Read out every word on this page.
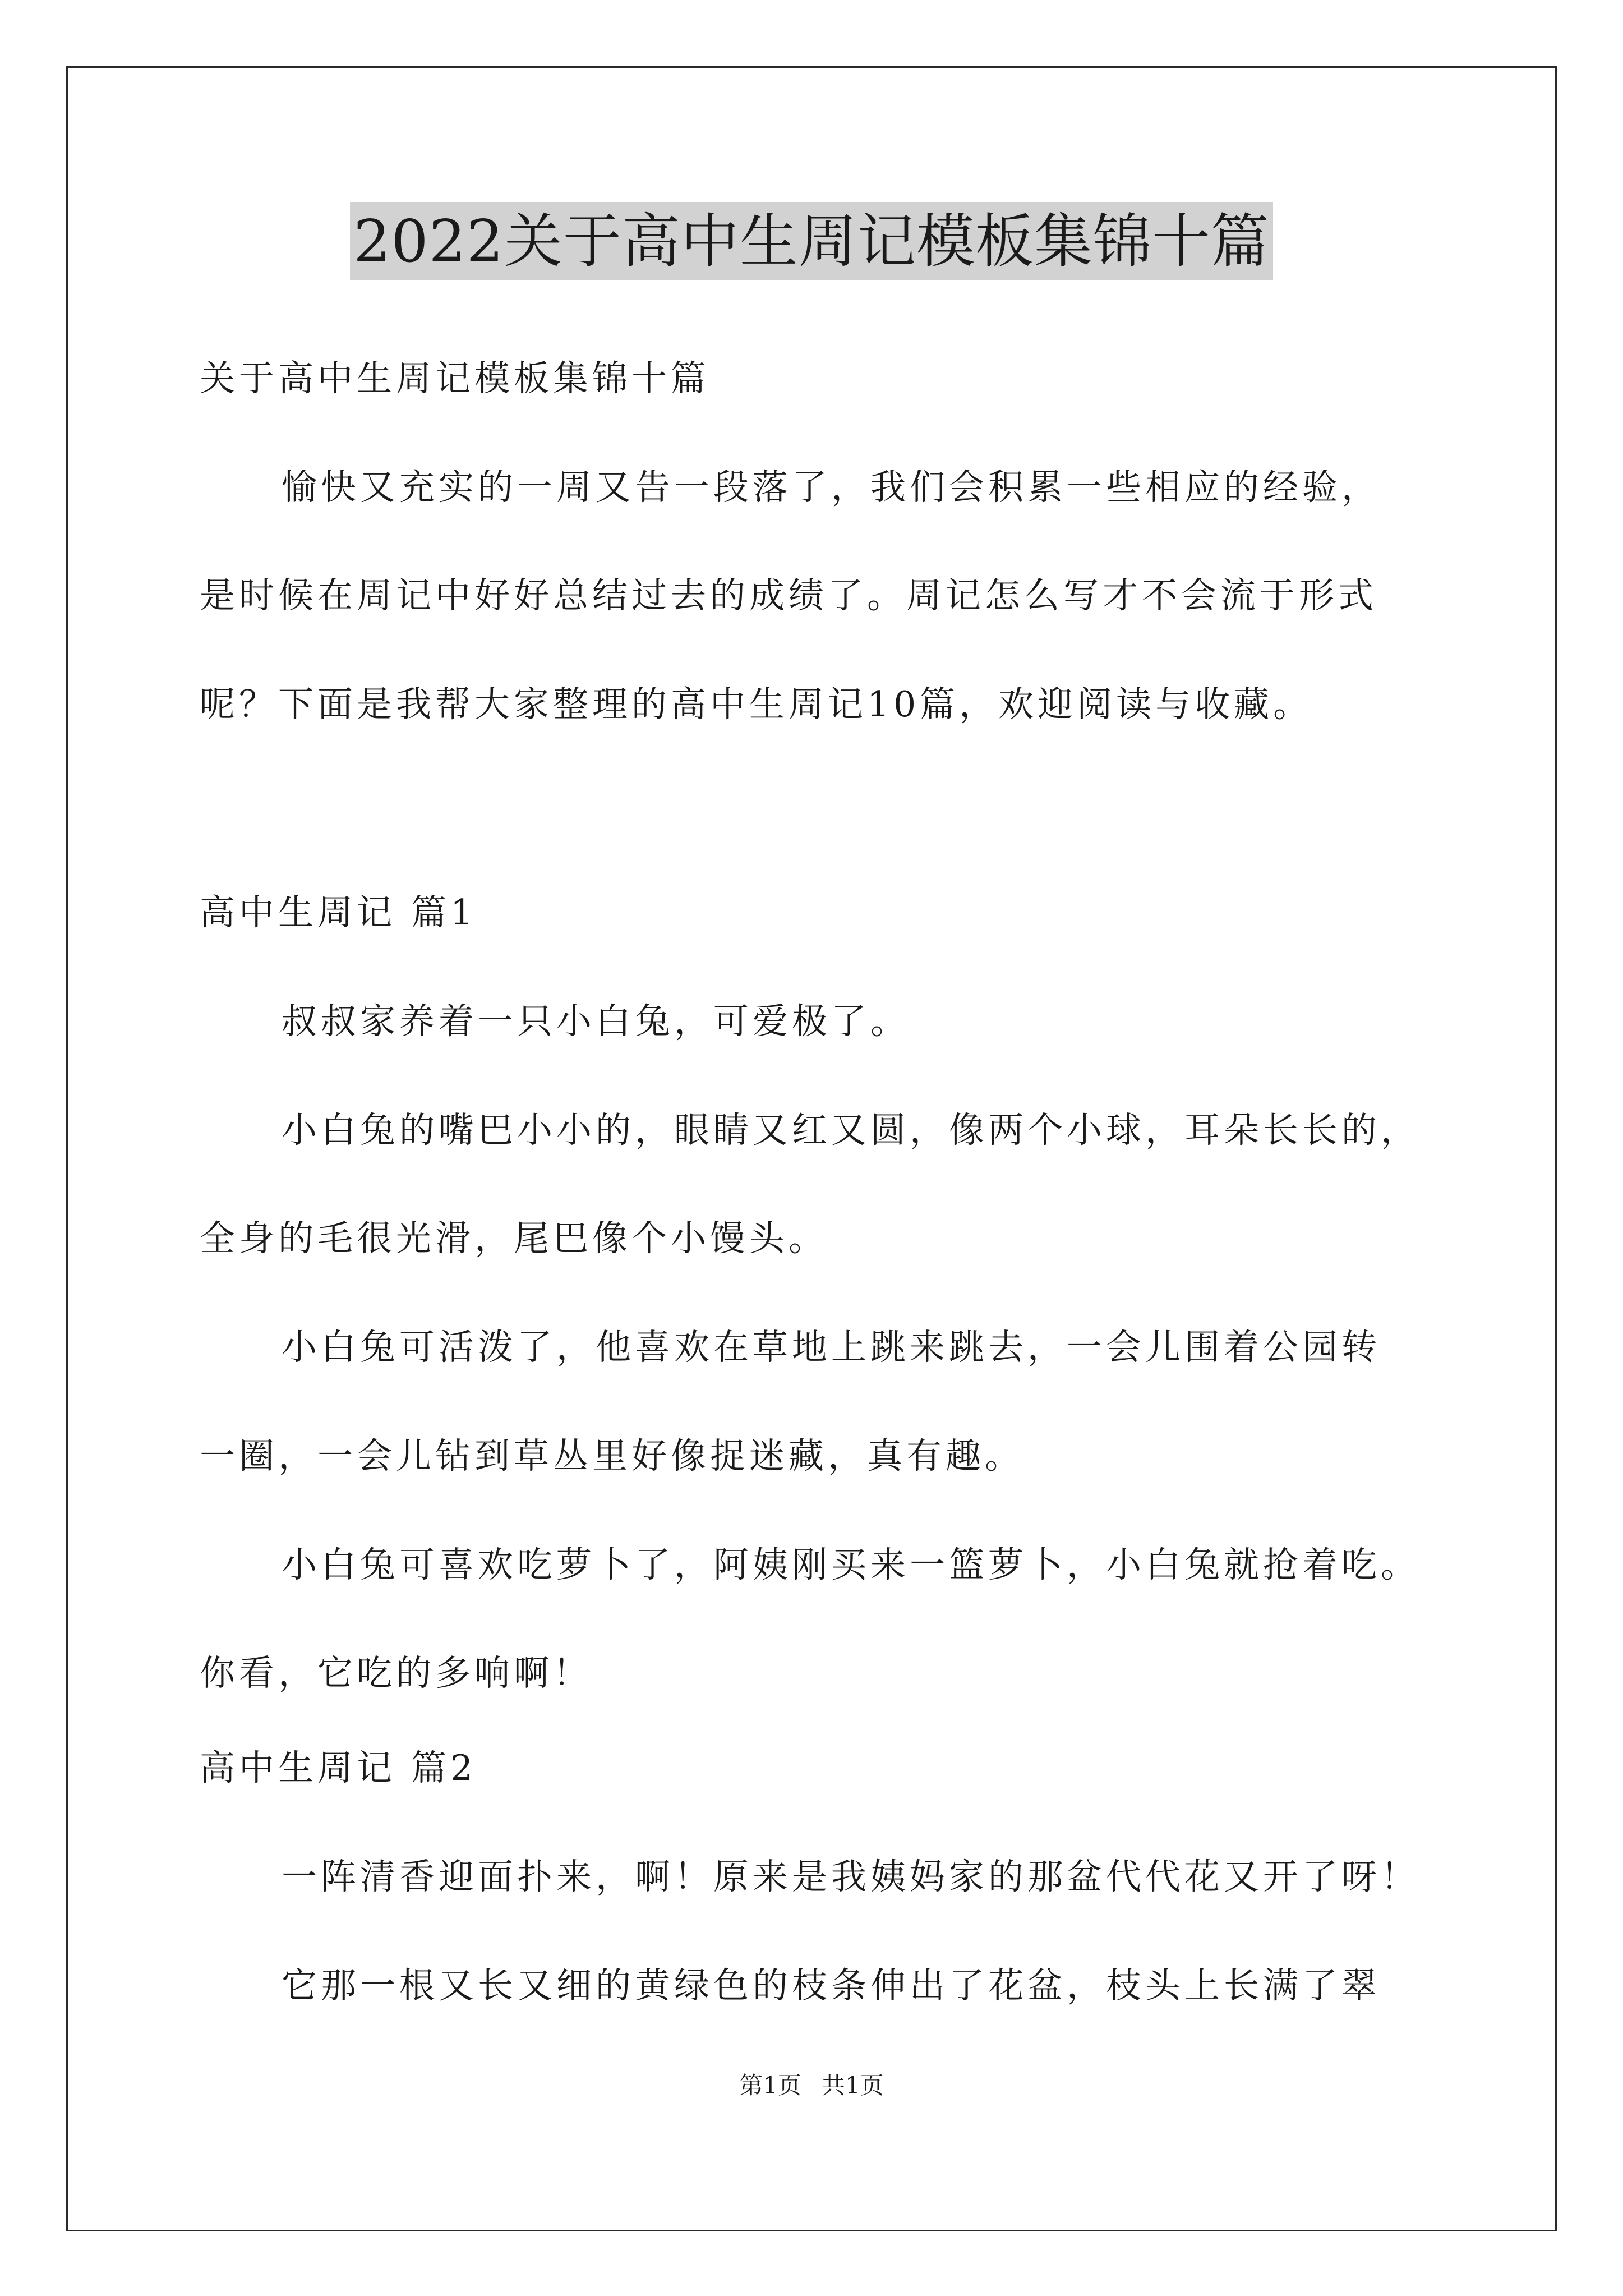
2022关于高中生周记模板集锦十篇
关于高中生周记模板集锦十篇
愉快又充实的一周又告一段落了，我们会积累一些相应的经验，
是时候在周记中好好总结过去的成绩了。周记怎么写才不会流于形式
呢？下面是我帮大家整理的高中生周记10篇，欢迎阅读与收藏。
高中生周记 篇1
叔叔家养着一只小白兔，可爱极了。
小白兔的嘴巴小小的，眼睛又红又圆，像两个小球，耳朵长长的，
全身的毛很光滑，尾巴像个小馒头。
小白兔可活泼了，他喜欢在草地上跳来跳去，一会儿围着公园转
一圈，一会儿钻到草丛里好像捉迷藏，真有趣。
小白兔可喜欢吃萝卜了，阿姨刚买来一篮萝卜，小白兔就抢着吃。
你看，它吃的多响啊！
高中生周记 篇2
一阵清香迎面扑来，啊！原来是我姨妈家的那盆代代花又开了呀！
它那一根又长又细的黄绿色的枝条伸出了花盆，枝头上长满了翠
第1页 共1页
